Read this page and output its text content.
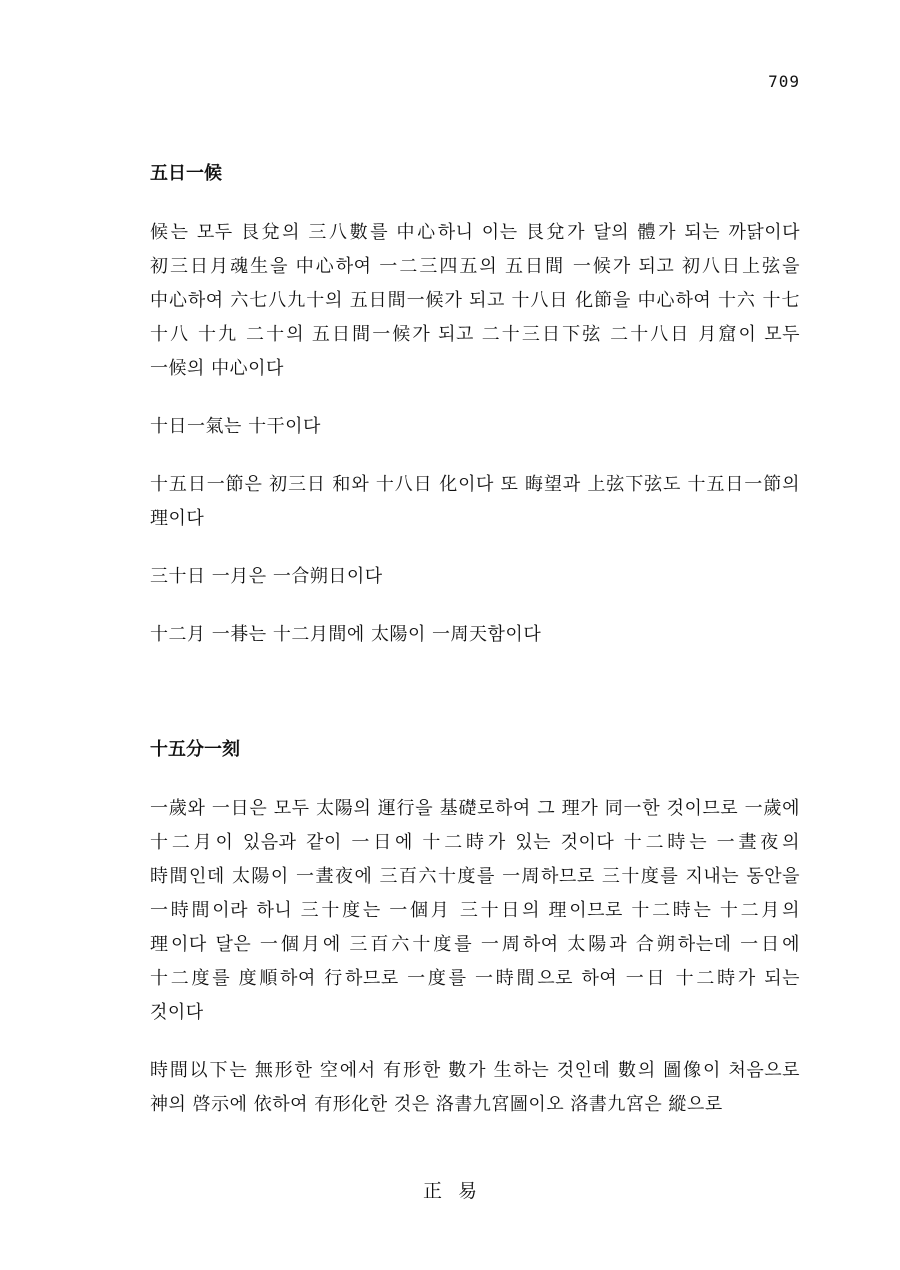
709
五日一候

候는 모두 艮兌의 三八數를 中心하니 이는 艮兌가 달의 體가 되는 까닭이다 初三日月魂生을 中心하여 一二三四五의 五日間 一候가 되고 初八日上弦을 中心하여 六七八九十의 五日間一候가 되고 十八日 化節을 中心하여 十六 十七 十八 十九 二十의 五日間一候가 되고 二十三日下弦 二十八日 月窟이 모두 一候의 中心이다

十日一氣는 十干이다

十五日一節은 初三日 和와 十八日 化이다 또 晦望과 上弦下弦도 十五日一節의 理이다

三十日 一月은 一合朔日이다

十二月 一朞는 十二月間에 太陽이 一周天함이다

十五分一刻

一歲와 一日은 모두 太陽의 運行을 基礎로하여 그 理가 同一한 것이므로 一歲에 十二月이 있음과 같이 一日에 十二時가 있는 것이다 十二時는 一晝夜의 時間인데 太陽이 一晝夜에 三百六十度를 一周하므로 三十度를 지내는 동안을 一時間이라 하니 三十度는 一個月 三十日의 理이므로 十二時는 十二月의 理이다 달은 一個月에 三百六十度를 一周하여 太陽과 合朔하는데 一日에 十二度를 度順하여 行하므로 一度를 一時間으로 하여 一日 十二時가 되는 것이다

時間以下는 無形한 空에서 有形한 數가 生하는 것인데 數의 圖像이 처음으로 神의 啓示에 依하여 有形化한 것은 洛書九宮圖이오 洛書九宮은 縱으로

正易
